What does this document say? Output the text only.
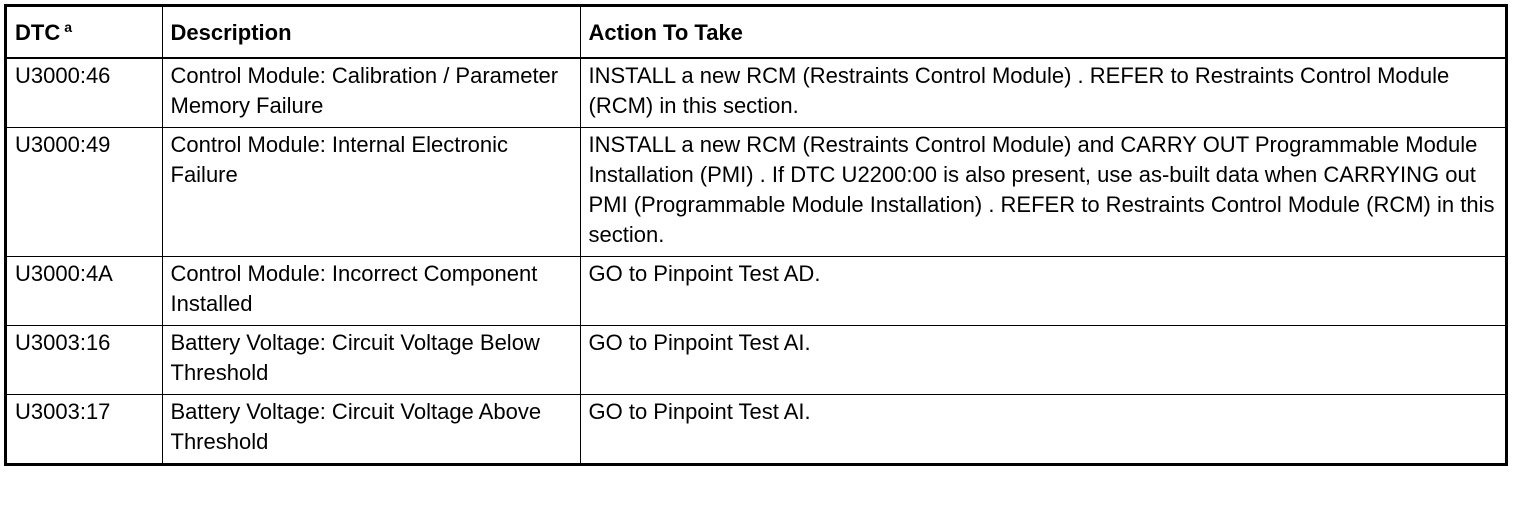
DTC $^a$	Description	Action To Take
U3000:46	Control Module: Calibration / Parameter Memory Failure	INSTALL a new RCM (Restraints Control Module) . REFER to Restraints Control Module (RCM) in this section.
U3000:49	Control Module: Internal Electronic Failure	INSTALL a new RCM (Restraints Control Module) and CARRY OUT Programmable Module Installation (PMI) . If DTC U2200:00 is also present, use as-built data when CARRYING out PMI (Programmable Module Installation) . REFER to Restraints Control Module (RCM) in this section.
U3000:4A	Control Module: Incorrect Component Installed	GO to Pinpoint Test AD.
U3003:16	Battery Voltage: Circuit Voltage Below Threshold	GO to Pinpoint Test AI.
U3003:17	Battery Voltage: Circuit Voltage Above Threshold	GO to Pinpoint Test AI.
